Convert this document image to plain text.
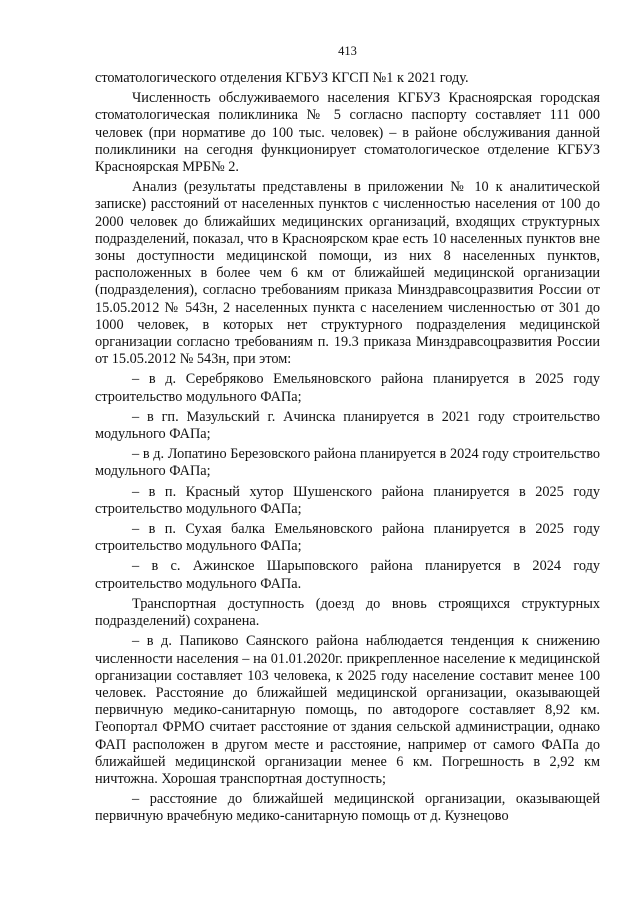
413

стоматологического отделения КГБУЗ КГСП №1 к 2021 году.

Численность обслуживаемого населения КГБУЗ Красноярская городская стоматологическая поликлиника № 5 согласно паспорту составляет 111 000 человек (при нормативе до 100 тыс. человек) – в районе обслуживания данной поликлиники на сегодня функционирует стоматологическое отделение КГБУЗ Красноярская МРБ№ 2.

Анализ (результаты представлены в приложении № 10 к аналитической записке) расстояний от населенных пунктов с численностью населения от 100 до 2000 человек до ближайших медицинских организаций, входящих структурных подразделений, показал, что в Красноярском крае есть 10 населенных пунктов вне зоны доступности медицинской помощи, из них 8 населенных пунктов, расположенных в более чем 6 км от ближайшей медицинской организации (подразделения), согласно требованиям приказа Минздравсоцразвития России от 15.05.2012 № 543н, 2 населенных пункта с населением численностью от 301 до 1000 человек, в которых нет структурного подразделения медицинской организации согласно требованиям п. 19.3 приказа Минздравсоцразвития России от 15.05.2012 № 543н, при этом:

– в д. Серебряково Емельяновского района планируется в 2025 году строительство модульного ФАПа;

– в гп. Мазульский г. Ачинска планируется в 2021 году строительство модульного ФАПа;

– в д. Лопатино Березовского района планируется в 2024 году строительство модульного ФАПа;

– в п. Красный хутор Шушенского района планируется в 2025 году строительство модульного ФАПа;

– в п. Сухая балка Емельяновского района планируется в 2025 году строительство модульного ФАПа;

– в с. Ажинское Шарыповского района планируется в 2024 году строительство модульного ФАПа.

Транспортная доступность (доезд до вновь строящихся структурных подразделений) сохранена.

– в д. Папиково Саянского района наблюдается тенденция к снижению численности населения – на 01.01.2020г. прикрепленное население к медицинской организации составляет 103 человека, к 2025 году население составит менее 100 человек. Расстояние до ближайшей медицинской организации, оказывающей первичную медико-санитарную помощь, по автодороге составляет 8,92 км. Геопортал ФРМО считает расстояние от здания сельской администрации, однако ФАП расположен в другом месте и расстояние, например от самого ФАПа до ближайшей медицинской организации менее 6 км. Погрешность в 2,92 км ничтожна. Хорошая транспортная доступность;

– расстояние до ближайшей медицинской организации, оказывающей первичную врачебную медико-санитарную помощь от д. Кузнецово
